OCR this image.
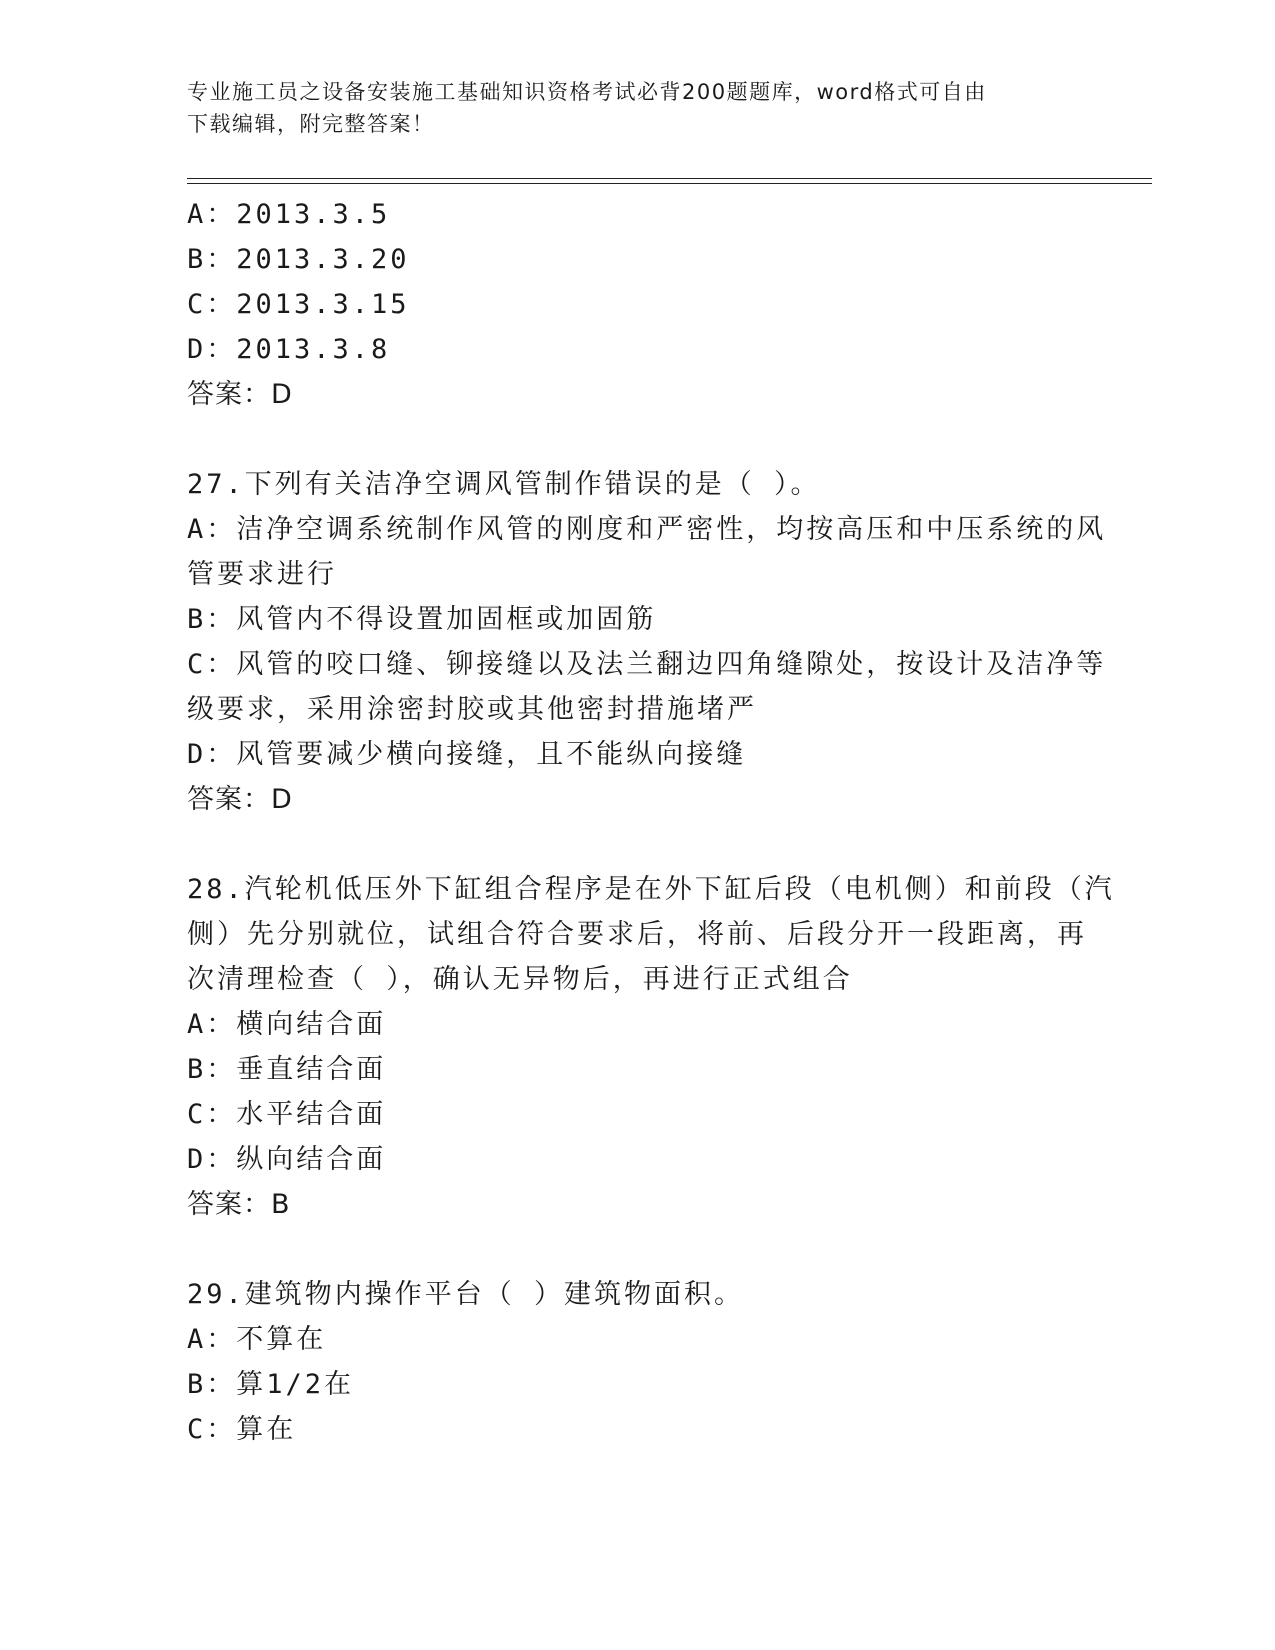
专业施工员之设备安装施工基础知识资格考试必背200题题库，word格式可自由
下载编辑，附完整答案！
A：2013.3.5
B：2013.3.20
C：2013.3.15
D：2013.3.8
答案：D
27.下列有关洁净空调风管制作错误的是（ ）。
A：洁净空调系统制作风管的刚度和严密性，均按高压和中压系统的风
管要求进行
B：风管内不得设置加固框或加固筋
C：风管的咬口缝、铆接缝以及法兰翻边四角缝隙处，按设计及洁净等
级要求，采用涂密封胶或其他密封措施堵严
D：风管要减少横向接缝，且不能纵向接缝
答案：D
28.汽轮机低压外下缸组合程序是在外下缸后段（电机侧）和前段（汽
侧）先分别就位，试组合符合要求后，将前、后段分开一段距离，再
次清理检查（ ），确认无异物后，再进行正式组合
A：横向结合面
B：垂直结合面
C：水平结合面
D：纵向结合面
答案：B
29.建筑物内操作平台（ ）建筑物面积。
A：不算在
B：算1/2在
C：算在
